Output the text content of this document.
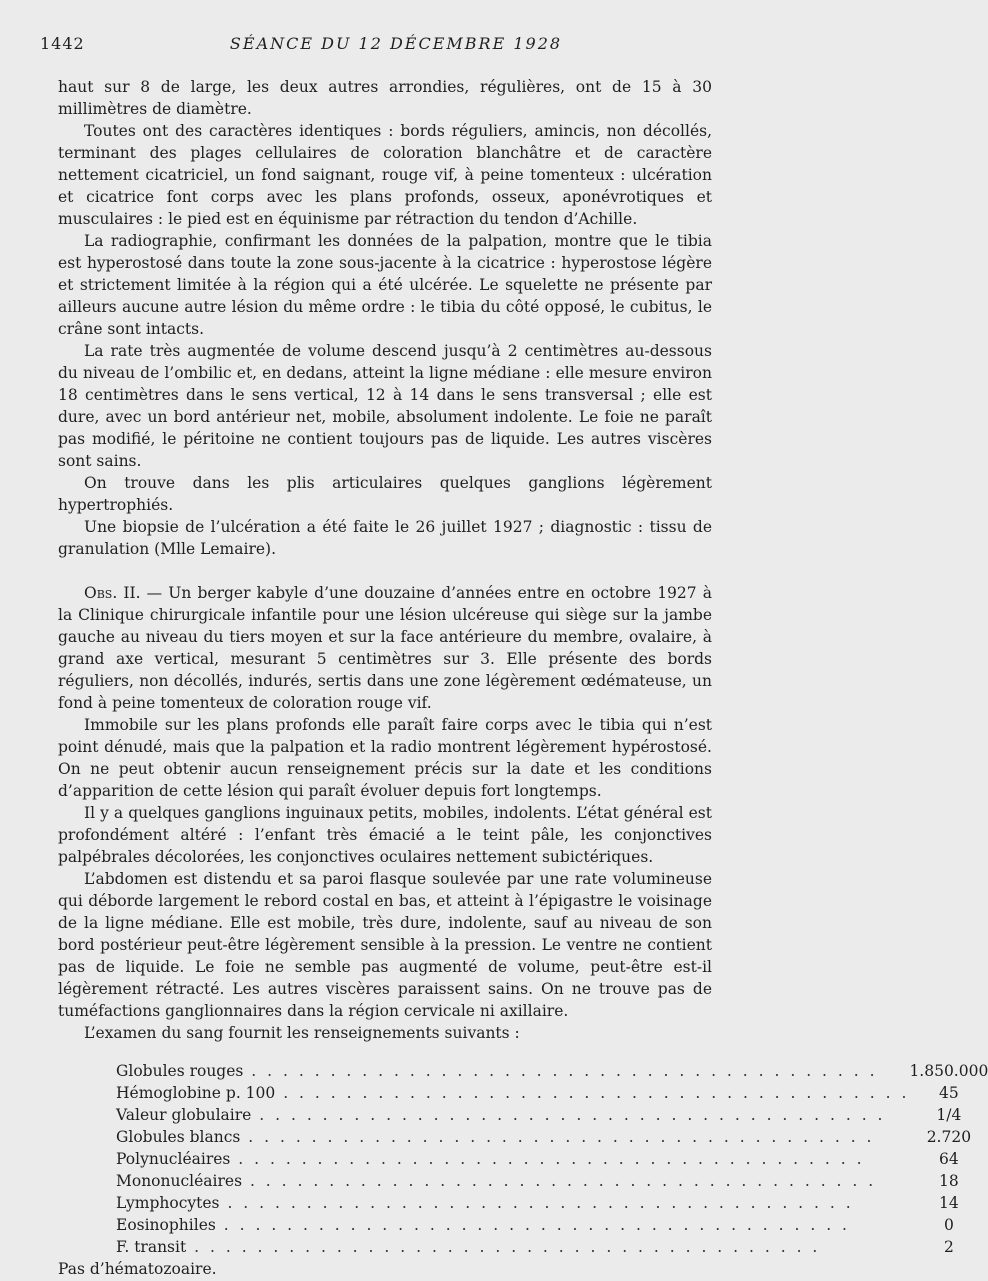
1442	SÉANCE DU 12 DÉCEMBRE 1928

haut sur 8 de large, les deux autres arrondies, régulières, ont de 15 à 30 millimètres de diamètre.

Toutes ont des caractères identiques : bords réguliers, amincis, non décollés, terminant des plages cellulaires de coloration blanchâtre et de caractère nettement cicatriciel, un fond saignant, rouge vif, à peine tomenteux : ulcération et cicatrice font corps avec les plans profonds, osseux, aponévrotiques et musculaires : le pied est en équinisme par rétraction du tendon d’Achille.

La radiographie, confirmant les données de la palpation, montre que le tibia est hyperostosé dans toute la zone sous-jacente à la cicatrice : hyperostose légère et strictement limitée à la région qui a été ulcérée. Le squelette ne présente par ailleurs aucune autre lésion du même ordre : le tibia du côté opposé, le cubitus, le crâne sont intacts.

La rate très augmentée de volume descend jusqu’à 2 centimètres au-dessous du niveau de l’ombilic et, en dedans, atteint la ligne médiane : elle mesure environ 18 centimètres dans le sens vertical, 12 à 14 dans le sens transversal ; elle est dure, avec un bord antérieur net, mobile, absolument indolente. Le foie ne paraît pas modifié, le péritoine ne contient toujours pas de liquide. Les autres viscères sont sains.

On trouve dans les plis articulaires quelques ganglions légèrement hypertrophiés.

Une biopsie de l’ulcération a été faite le 26 juillet 1927 ; diagnostic : tissu de granulation (Mlle Lemaire).

Obs. II. — Un berger kabyle d’une douzaine d’années entre en octobre 1927 à la Clinique chirurgicale infantile pour une lésion ulcéreuse qui siège sur la jambe gauche au niveau du tiers moyen et sur la face antérieure du membre, ovalaire, à grand axe vertical, mesurant 5 centimètres sur 3. Elle présente des bords réguliers, non décollés, indurés, sertis dans une zone légèrement œdémateuse, un fond à peine tomenteux de coloration rouge vif.

Immobile sur les plans profonds elle paraît faire corps avec le tibia qui n’est point dénudé, mais que la palpation et la radio montrent légèrement hypérostosé. On ne peut obtenir aucun renseignement précis sur la date et les conditions d’apparition de cette lésion qui paraît évoluer depuis fort longtemps.

Il y a quelques ganglions inguinaux petits, mobiles, indolents. L’état général est profondément altéré : l’enfant très émacié a le teint pâle, les conjonctives palpébrales décolorées, les conjonctives oculaires nettement subictériques.

L’abdomen est distendu et sa paroi flasque soulevée par une rate volumineuse qui déborde largement le rebord costal en bas, et atteint à l’épigastre le voisinage de la ligne médiane. Elle est mobile, très dure, indolente, sauf au niveau de son bord postérieur peut-être légèrement sensible à la pression. Le ventre ne contient pas de liquide. Le foie ne semble pas augmenté de volume, peut-être est-il légèrement rétracté. Les autres viscères paraissent sains. On ne trouve pas de tuméfactions ganglionnaires dans la région cervicale ni axillaire.

L’examen du sang fournit les renseignements suivants :

Globules rouges . . . . . . . . . . . . . . . . . . . . . . . . . . . . . . . . . . . . . . . .	1.850.000
Hémoglobine p. 100 . . . . . . . . . . . . . . . . . . . . . . . . . . . . . . . . . . . . . . . .	45
Valeur globulaire . . . . . . . . . . . . . . . . . . . . . . . . . . . . . . . . . . . . . . . .	1/4
Globules blancs . . . . . . . . . . . . . . . . . . . . . . . . . . . . . . . . . . . . . . . .	2.720
Polynucléaires . . . . . . . . . . . . . . . . . . . . . . . . . . . . . . . . . . . . . . . .	64
Mononucléaires . . . . . . . . . . . . . . . . . . . . . . . . . . . . . . . . . . . . . . . .	18
Lymphocytes . . . . . . . . . . . . . . . . . . . . . . . . . . . . . . . . . . . . . . . .	14
Eosinophiles . . . . . . . . . . . . . . . . . . . . . . . . . . . . . . . . . . . . . . . .	0
F. transit . . . . . . . . . . . . . . . . . . . . . . . . . . . . . . . . . . . . . . . .	2

Pas d’hématozoaire.
